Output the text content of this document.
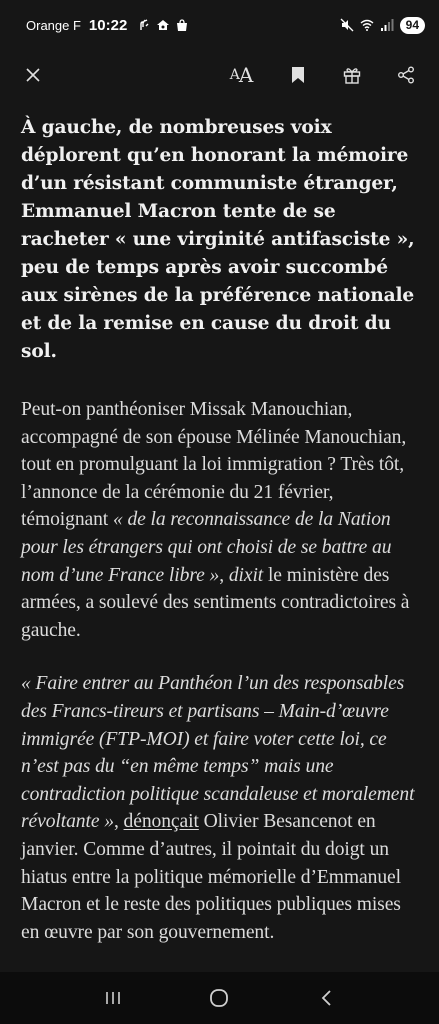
Orange F 10:22	94
A A

À gauche, de nombreuses voix déplorent qu’en honorant la mémoire d’un résistant communiste étranger, Emmanuel Macron tente de se racheter « une virginité antifasciste », peu de temps après avoir succombé aux sirènes de la préférence nationale et de la remise en cause du droit du sol.

Peut-on panthéoniser Missak Manouchian, accompagné de son épouse Mélinée Manouchian, tout en promulguant la loi immigration ? Très tôt, l’annonce de la cérémonie du 21 février, témoignant « de la reconnaissance de la Nation pour les étrangers qui ont choisi de se battre au nom d’une France libre », dixit le ministère des armées, a soulevé des sentiments contradictoires à gauche.

« Faire entrer au Panthéon l’un des responsables des Francs-tireurs et partisans – Main-d’œuvre immigrée (FTP-MOI) et faire voter cette loi, ce n’est pas du “en même temps” mais une contradiction politique scandaleuse et moralement révoltante », dénonçait Olivier Besancenot en janvier. Comme d’autres, il pointait du doigt un hiatus entre la politique mémorielle d’Emmanuel Macron et le reste des politiques publiques mises en œuvre par son gouvernement.
